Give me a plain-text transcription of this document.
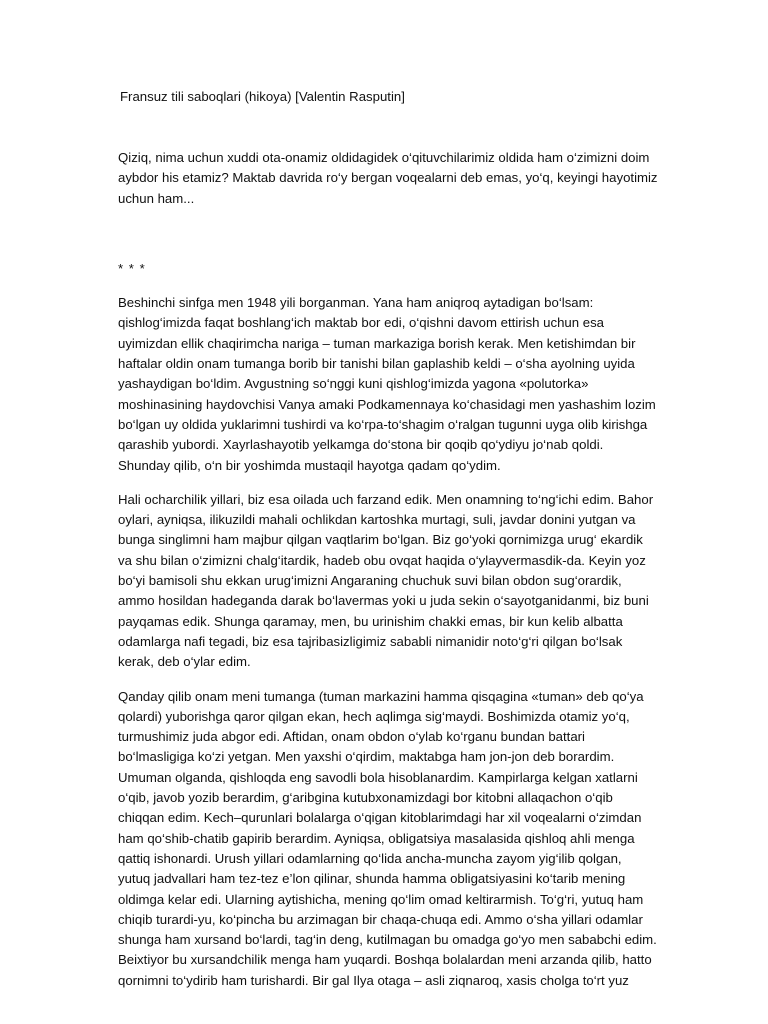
Fransuz tili saboqlari (hikoya) [Valentin Rasputin]

Qiziq, nima uchun xuddi ota-onamiz oldidagidek o‘qituvchilarimiz oldida ham o‘zimizni doim
aybdor his etamiz? Maktab davrida ro‘y bergan voqealarni deb emas, yo‘q, keyingi hayotimiz
uchun ham...

* * *

Beshinchi sinfga men 1948 yili borganman. Yana ham aniqroq aytadigan bo‘lsam:
qishlog‘imizda faqat boshlang‘ich maktab bor edi, o‘qishni davom ettirish uchun esa
uyimizdan ellik chaqirimcha nariga – tuman markaziga borish kerak. Men ketishimdan bir
haftalar oldin onam tumanga borib bir tanishi bilan gaplashib keldi – o‘sha ayolning uyida
yashaydigan bo‘ldim. Avgustning so‘nggi kuni qishlog‘imizda yagona «polutorka»
moshinasining haydovchisi Vanya amaki Podkamennaya ko‘chasidagi men yashashim lozim
bo‘lgan uy oldida yuklarimni tushirdi va ko‘rpa-to‘shagim o‘ralgan tugunni uyga olib kirishga
qarashib yubordi. Xayrlashayotib yelkamga do‘stona bir qoqib qo‘ydiyu jo‘nab qoldi.
Shunday qilib, o‘n bir yoshimda mustaqil hayotga qadam qo‘ydim.

Hali ocharchilik yillari, biz esa oilada uch farzand edik. Men onamning to‘ng‘ichi edim. Bahor
oylari, ayniqsa, ilikuzildi mahali ochlikdan kartoshka murtagi, suli, javdar donini yutgan va
bunga singlimni ham majbur qilgan vaqtlarim bo‘lgan. Biz go‘yoki qornimizga urug‘ ekardik
va shu bilan o‘zimizni chalg‘itardik, hadeb obu ovqat haqida o‘ylayvermasdik-da. Keyin yoz
bo‘yi bamisoli shu ekkan urug‘imizni Angaraning chuchuk suvi bilan obdon sug‘orardik,
ammo hosildan hadeganda darak bo‘lavermas yoki u juda sekin o‘sayotganidanmi, biz buni
payqamas edik. Shunga qaramay, men, bu urinishim chakki emas, bir kun kelib albatta
odamlarga nafi tegadi, biz esa tajribasizligimiz sababli nimanidir noto‘g‘ri qilgan bo‘lsak
kerak, deb o‘ylar edim.

Qanday qilib onam meni tumanga (tuman markazini hamma qisqagina «tuman» deb qo‘ya
qolardi) yuborishga qaror qilgan ekan, hech aqlimga sig‘maydi. Boshimizda otamiz yo‘q,
turmushimiz juda abgor edi. Aftidan, onam obdon o‘ylab ko‘rganu bundan battari
bo‘lmasligiga ko‘zi yetgan. Men yaxshi o‘qirdim, maktabga ham jon-jon deb borardim.
Umuman olganda, qishloqda eng savodli bola hisoblanardim. Kampirlarga kelgan xatlarni
o‘qib, javob yozib berardim, g‘aribgina kutubxonamizdagi bor kitobni allaqachon o‘qib
chiqqan edim. Kech–qurunlari bolalarga o‘qigan kitoblarimdagi har xil voqealarni o‘zimdan
ham qo‘shib-chatib gapirib berardim. Ayniqsa, obligatsiya masalasida qishloq ahli menga
qattiq ishonardi. Urush yillari odamlarning qo‘lida ancha-muncha zayom yig‘ilib qolgan,
yutuq jadvallari ham tez-tez e’lon qilinar, shunda hamma obligatsiyasini ko‘tarib mening
oldimga kelar edi. Ularning aytishicha, mening qo‘lim omad keltirarmish. To‘g‘ri, yutuq ham
chiqib turardi-yu, ko‘pincha bu arzimagan bir chaqa-chuqa edi. Ammo o‘sha yillari odamlar
shunga ham xursand bo‘lardi, tag‘in deng, kutilmagan bu omadga go‘yo men sababchi edim.
Beixtiyor bu xursandchilik menga ham yuqardi. Boshqa bolalardan meni arzanda qilib, hatto
qornimni to‘ydirib ham turishardi. Bir gal Ilya otaga – asli ziqnaroq, xasis cholga to‘rt yuz
